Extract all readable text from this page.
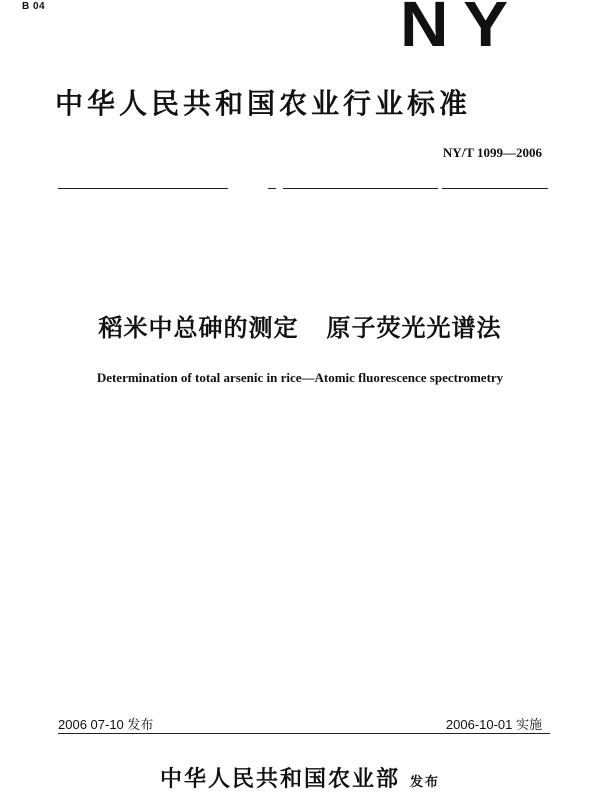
B 04	NY
中华人民共和国农业行业标准
NY/T 1099—2006
稻米中总砷的测定   原子荧光光谱法
Determination of total arsenic in rice—Atomic fluorescence spectrometry
2006 07-10 发布	2006-10-01 实施
中华人民共和国农业部 发布
